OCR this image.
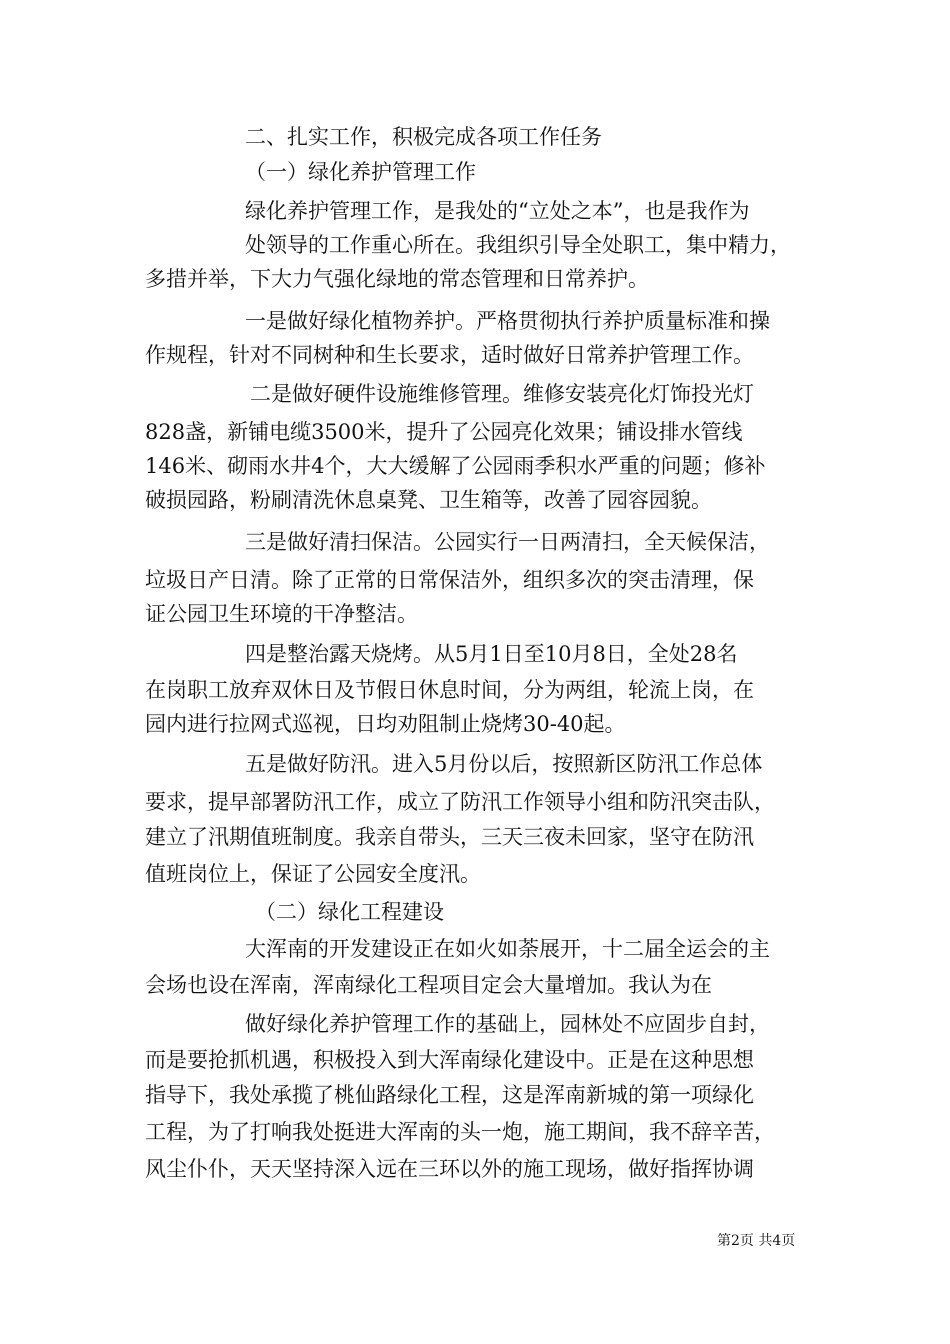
二、扎实工作，积极完成各项工作任务
（一）绿化养护管理工作
绿化养护管理工作，是我处的“立处之本”，也是我作为
处领导的工作重心所在。我组织引导全处职工，集中精力，
多措并举，下大力气强化绿地的常态管理和日常养护。
一是做好绿化植物养护。严格贯彻执行养护质量标准和操
作规程，针对不同树种和生长要求，适时做好日常养护管理工作。
二是做好硬件设施维修管理。维修安装亮化灯饰投光灯
828盏，新铺电缆3500米，提升了公园亮化效果；铺设排水管线
146米、砌雨水井4个，大大缓解了公园雨季积水严重的问题；修补
破损园路，粉刷清洗休息桌凳、卫生箱等，改善了园容园貌。
三是做好清扫保洁。公园实行一日两清扫，全天候保洁，
垃圾日产日清。除了正常的日常保洁外，组织多次的突击清理，保
证公园卫生环境的干净整洁。
四是整治露天烧烤。从5月1日至10月8日，全处28名
在岗职工放弃双休日及节假日休息时间，分为两组，轮流上岗，在
园内进行拉网式巡视，日均劝阻制止烧烤30-40起。
五是做好防汛。进入5月份以后，按照新区防汛工作总体
要求，提早部署防汛工作，成立了防汛工作领导小组和防汛突击队，
建立了汛期值班制度。我亲自带头，三天三夜未回家，坚守在防汛
值班岗位上，保证了公园安全度汛。
（二）绿化工程建设
大浑南的开发建设正在如火如荼展开，十二届全运会的主
会场也设在浑南，浑南绿化工程项目定会大量增加。我认为在
做好绿化养护管理工作的基础上，园林处不应固步自封，
而是要抢抓机遇，积极投入到大浑南绿化建设中。正是在这种思想
指导下，我处承揽了桃仙路绿化工程，这是浑南新城的第一项绿化
工程，为了打响我处挺进大浑南的头一炮，施工期间，我不辞辛苦，
风尘仆仆，天天坚持深入远在三环以外的施工现场，做好指挥协调
第2页 共4页
